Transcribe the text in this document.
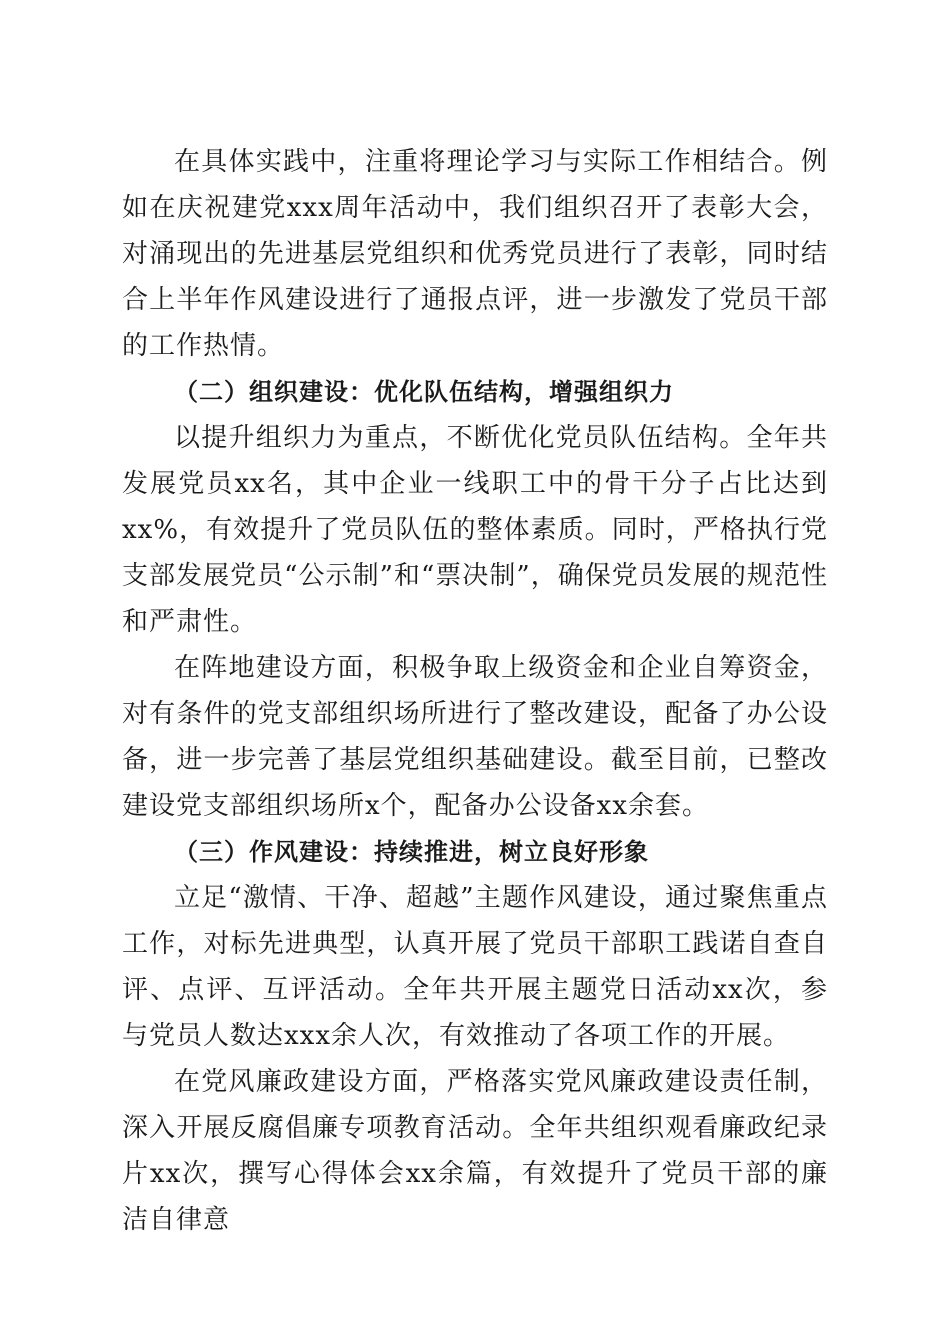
在具体实践中，注重将理论学习与实际工作相结合。例如在庆祝建党xxx周年活动中，我们组织召开了表彰大会，对涌现出的先进基层党组织和优秀党员进行了表彰，同时结合上半年作风建设进行了通报点评，进一步激发了党员干部的工作热情。

（二）组织建设：优化队伍结构，增强组织力

以提升组织力为重点，不断优化党员队伍结构。全年共发展党员xx名，其中企业一线职工中的骨干分子占比达到xx%，有效提升了党员队伍的整体素质。同时，严格执行党支部发展党员“公示制”和“票决制”，确保党员发展的规范性和严肃性。

在阵地建设方面，积极争取上级资金和企业自筹资金，对有条件的党支部组织场所进行了整改建设，配备了办公设备，进一步完善了基层党组织基础建设。截至目前，已整改建设党支部组织场所x个，配备办公设备xx余套。

（三）作风建设：持续推进，树立良好形象

立足“激情、干净、超越”主题作风建设，通过聚焦重点工作，对标先进典型，认真开展了党员干部职工践诺自查自评、点评、互评活动。全年共开展主题党日活动xx次，参与党员人数达xxx余人次，有效推动了各项工作的开展。

在党风廉政建设方面，严格落实党风廉政建设责任制，深入开展反腐倡廉专项教育活动。全年共组织观看廉政纪录片xx次，撰写心得体会xx余篇，有效提升了党员干部的廉洁自律意
